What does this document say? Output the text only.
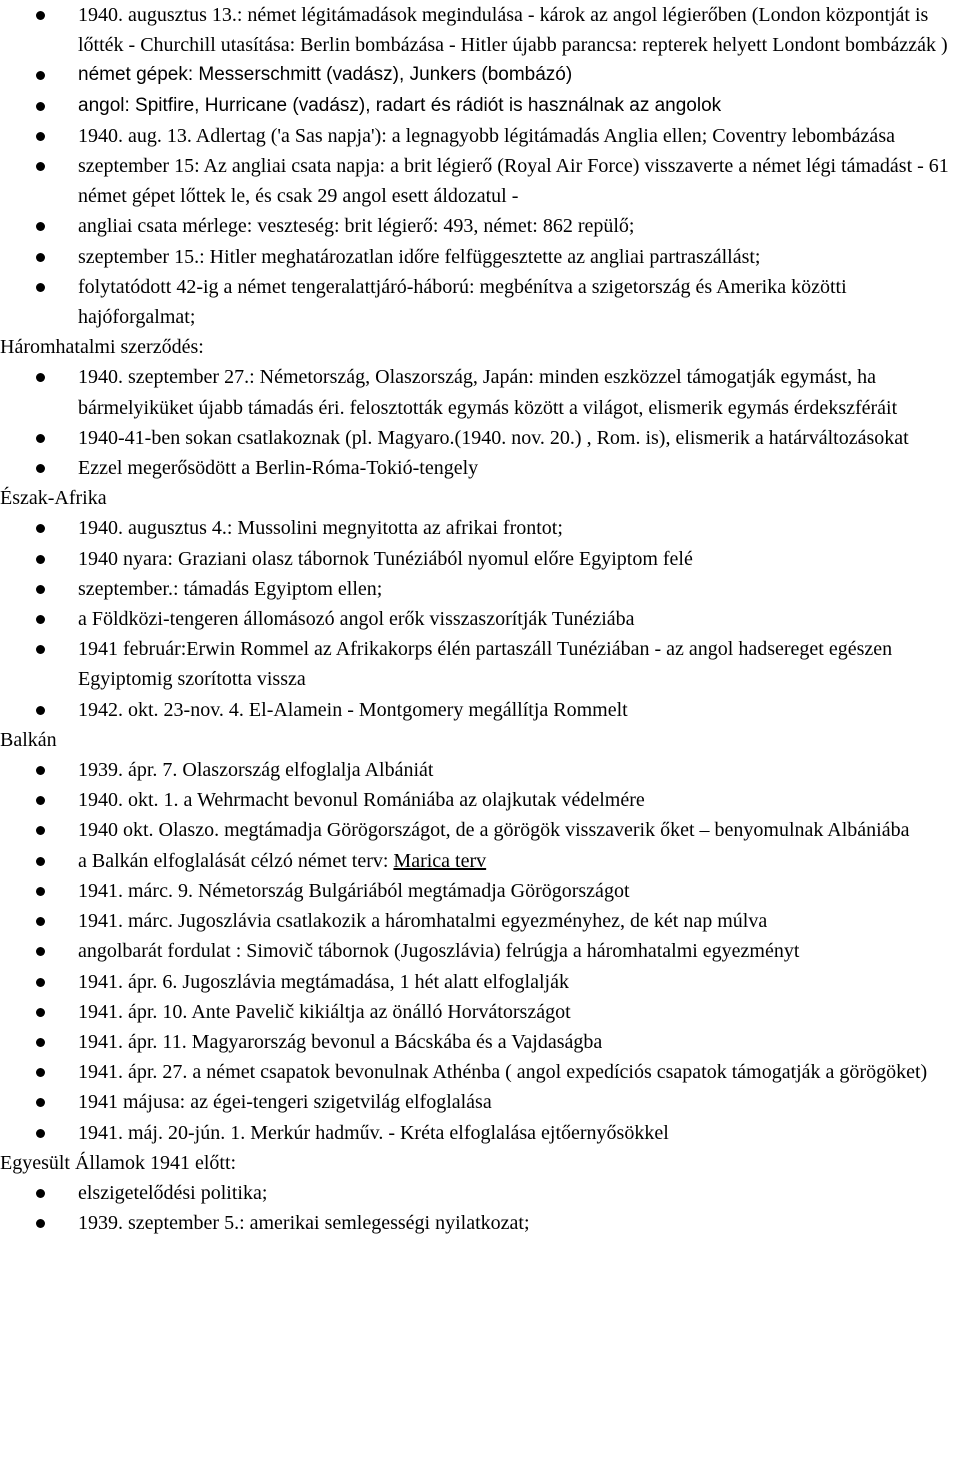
1940. augusztus 13.: német légitámadások megindulása - károk az angol légierőben (London központját is lőtték - Churchill utasítása: Berlin bombázása - Hitler újabb parancsa: repterek helyett Londont bombázzák )
német gépek: Messerschmitt (vadász), Junkers (bombázó)
angol: Spitfire, Hurricane (vadász), radart és rádiót is használnak az angolok
1940. aug. 13. Adlertag ('a Sas napja'): a legnagyobb légitámadás Anglia ellen; Coventry lebombázása
szeptember 15: Az angliai csata napja: a brit légierő (Royal Air Force) visszaverte a német légi támadást - 61 német gépet lőttek le, és csak 29 angol esett áldozatul -
angliai csata mérlege: veszteség: brit légierő: 493, német: 862 repülő;
szeptember 15.: Hitler meghatározatlan időre felfüggesztette az angliai partraszállást;
folytatódott 42-ig a német tengeralattjáró-háború: megbénítva a szigetország és Amerika közötti hajóforgalmat;
Háromhatalmi szerződés:
1940. szeptember 27.: Németország, Olaszország, Japán: minden eszközzel támogatják egymást, ha bármelyiküket újabb támadás éri. felosztották egymás között a világot, elismerik egymás érdekszféráit
1940-41-ben sokan csatlakoznak (pl. Magyaro.(1940. nov. 20.) , Rom. is), elismerik a határváltozásokat
Ezzel megerősödött a Berlin-Róma-Tokió-tengely
Észak-Afrika
1940. augusztus 4.: Mussolini megnyitotta az afrikai frontot;
1940 nyara: Graziani olasz tábornok Tunéziából nyomul előre Egyiptom felé
szeptember.: támadás Egyiptom ellen;
a Földközi-tengeren állomásozó angol erők visszaszorítják Tunéziába
1941 február:Erwin Rommel az Afrikakorps élén partaszáll Tunéziában - az angol hadsereget egészen Egyiptomig szorította vissza
1942. okt. 23-nov. 4. El-Alamein - Montgomery megállítja Rommelt
Balkán
1939. ápr. 7. Olaszország elfoglalja Albániát
1940. okt. 1. a Wehrmacht bevonul Romániába az olajkutak védelmére
1940 okt. Olaszo. megtámadja Görögországot, de a görögök visszaverik őket – benyomulnak Albániába
a Balkán elfoglalását célzó német terv: Marica terv
1941. márc. 9. Németország Bulgáriából megtámadja Görögországot
1941. márc. Jugoszlávia csatlakozik a háromhatalmi egyezményhez, de két nap múlva
angolbarát fordulat : Simovič tábornok (Jugoszlávia) felrúgja a háromhatalmi egyezményt
1941. ápr. 6. Jugoszlávia megtámadása, 1 hét alatt elfoglalják
1941. ápr. 10. Ante Pavelič kikiáltja az önálló Horvátországot
1941. ápr. 11. Magyarország bevonul a Bácskába és a Vajdaságba
1941. ápr. 27. a német csapatok bevonulnak Athénba ( angol expedíciós csapatok támogatják a görögöket)
1941 májusa: az égei-tengeri szigetvilág elfoglalása
1941. máj. 20-jún. 1. Merkúr hadműv. - Kréta elfoglalása ejtőernyősökkel
Egyesült Államok 1941 előtt:
elszigetelődési politika;
1939. szeptember 5.: amerikai semlegességi nyilatkozat;
